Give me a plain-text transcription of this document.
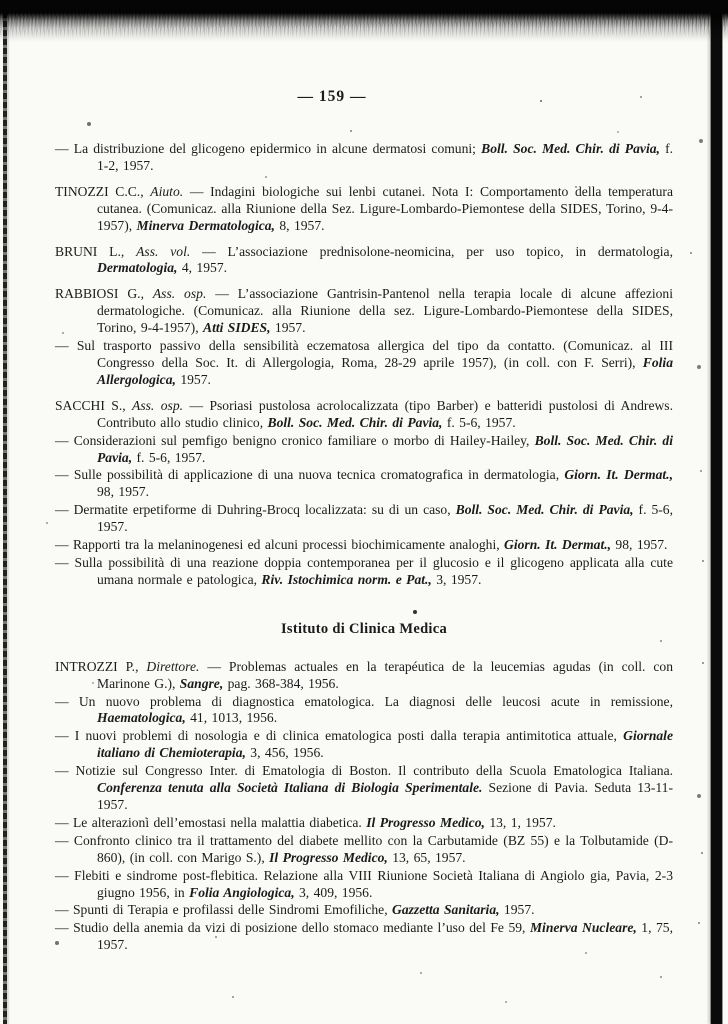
— 159 —

— La distribuzione del glicogeno epidermico in alcune dermatosi comuni; Boll. Soc. Med. Chir. di Pavia, f. 1-2, 1957.

TINOZZI C.C., Aiuto. — Indagini biologiche sui lenbi cutanei. Nota I: Comportamento della temperatura cutanea. (Comunicaz. alla Riunione della Sez. Ligure-Lombardo-Piemontese della SIDES, Torino, 9-4-1957), Minerva Dermatologica, 8, 1957.

BRUNI L., Ass. vol. — L’associazione prednisolone-neomicina, per uso topico, in dermatologia, Dermatologia, 4, 1957.

RABBIOSI G., Ass. osp. — L’associazione Gantrisin-Pantenol nella terapia locale di alcune affezioni dermatologiche. (Comunicaz. alla Riunione della sez. Ligure-Lombardo-Piemontese della SIDES, Torino, 9-4-1957), Atti SIDES, 1957.

— Sul trasporto passivo della sensibilità eczematosa allergica del tipo da contatto. (Comunicaz. al III Congresso della Soc. It. di Allergologia, Roma, 28-29 aprile 1957), (in coll. con F. Serri), Folia Allergologica, 1957.

SACCHI S., Ass. osp. — Psoriasi pustolosa acrolocalizzata (tipo Barber) e batteridi pustolosi di Andrews. Contributo allo studio clinico, Boll. Soc. Med. Chir. di Pavia, f. 5-6, 1957.

— Considerazioni sul pemfigo benigno cronico familiare o morbo di Hailey-Hailey, Boll. Soc. Med. Chir. di Pavia, f. 5-6, 1957.

— Sulle possibilità di applicazione di una nuova tecnica cromatografica in dermatologia, Giorn. It. Dermat., 98, 1957.

— Dermatite erpetiforme di Duhring-Brocq localizzata: su di un caso, Boll. Soc. Med. Chir. di Pavia, f. 5-6, 1957.

— Rapporti tra la melaninogenesi ed alcuni processi biochimicamente analoghi, Giorn. It. Dermat., 98, 1957.

— Sulla possibilità di una reazione doppia contemporanea per il glucosio e il glicogeno applicata alla cute umana normale e patologica, Riv. Istochimica norm. e Pat., 3, 1957.

Istituto di Clinica Medica

INTROZZI P., Direttore. — Problemas actuales en la terapéutica de la leucemias agudas (in coll. con Marinone G.), Sangre, pag. 368-384, 1956.

— Un nuovo problema di diagnostica ematologica. La diagnosi delle leucosi acute in remissione, Haematologica, 41, 1013, 1956.

— I nuovi problemi di nosologia e di clinica ematologica posti dalla terapia antimitotica attuale, Giornale italiano di Chemioterapia, 3, 456, 1956.

— Notizie sul Congresso Inter. di Ematologia di Boston. Il contributo della Scuola Ematologica Italiana. Conferenza tenuta alla Società Italiana di Biologia Sperimentale. Sezione di Pavia. Seduta 13-11-1957.

— Le alterazioni dell’emostasi nella malattia diabetica. Il Progresso Medico, 13, 1, 1957.

— Confronto clinico tra il trattamento del diabete mellito con la Carbutamide (BZ 55) e la Tolbutamide (D-860), (in coll. con Marigo S.), Il Progresso Medico, 13, 65, 1957.

— Flebiti e sindrome post-flebitica. Relazione alla VIII Riunione Società Italiana di Angiolo gia, Pavia, 2-3 giugno 1956, in Folia Angiologica, 3, 409, 1956.

— Spunti di Terapia e profilassi delle Sindromi Emofiliche, Gazzetta Sanitaria, 1957.

— Studio della anemia da vizi di posizione dello stomaco mediante l’uso del Fe 59, Minerva Nucleare, 1, 75, 1957.
